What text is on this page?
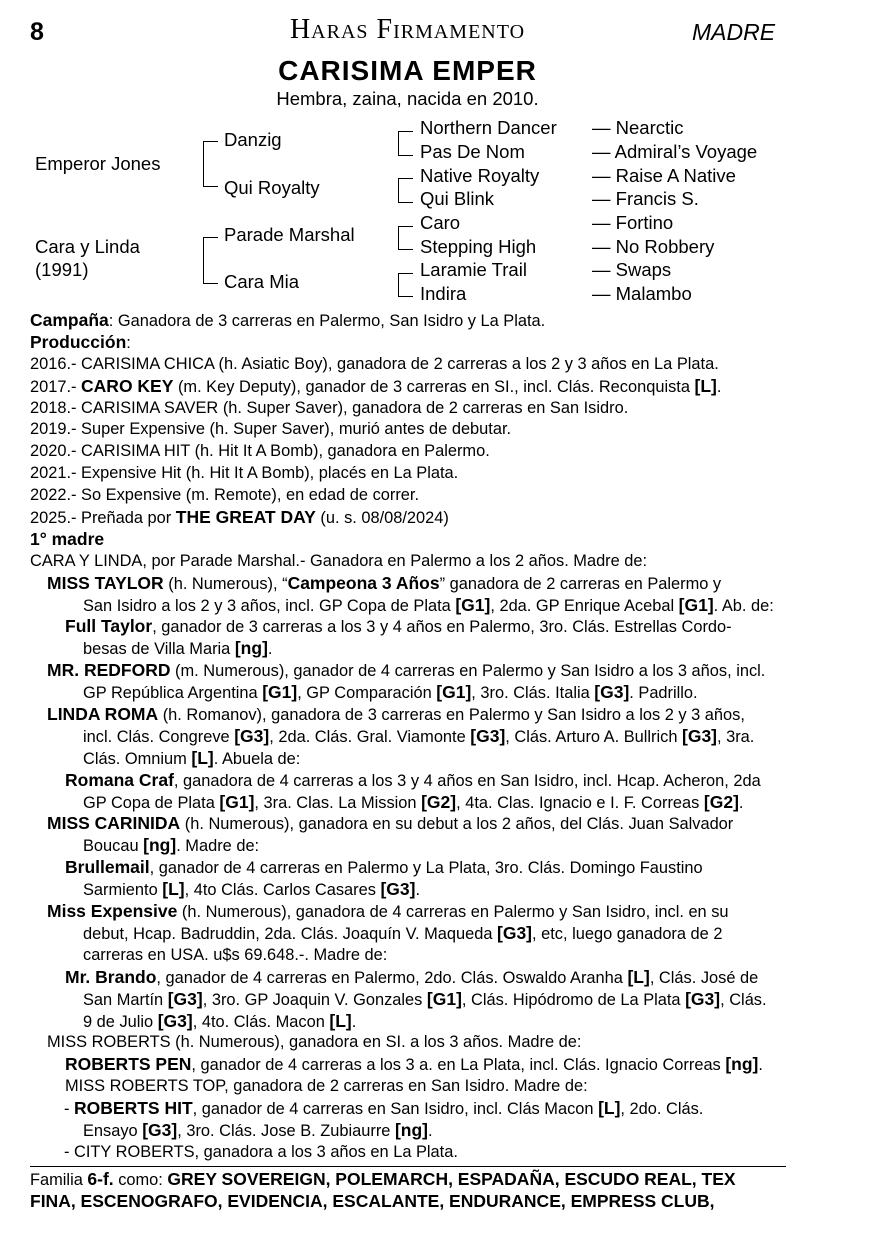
8	Haras Firmamento	MADRE
CARISIMA EMPER
Hembra, zaina, nacida en 2010.
Emperor Jones
Cara y Linda
(1991)
Danzig
Qui Royalty
Parade Marshal
Cara Mia
Northern Dancer
Pas De Nom
Native Royalty
Qui Blink
Caro
Stepping High
Laramie Trail
Indira
— Nearctic
— Admiral’s Voyage
— Raise A Native
— Francis S.
— Fortino
— No Robbery
— Swaps
— Malambo
Campaña: Ganadora de 3 carreras en Palermo, San Isidro y La Plata.
Producción:
2016.- CARISIMA CHICA (h. Asiatic Boy), ganadora de 2 carreras a los 2 y 3 años en La Plata.
2017.- CARO KEY (m. Key Deputy), ganador de 3 carreras en SI., incl. Clás. Reconquista [L].
2018.- CARISIMA SAVER (h. Super Saver), ganadora de 2 carreras en San Isidro.
2019.- Super Expensive (h. Super Saver), murió antes de debutar.
2020.- CARISIMA HIT (h. Hit It A Bomb), ganadora en Palermo.
2021.- Expensive Hit (h. Hit It A Bomb), placés en La Plata.
2022.- So Expensive (m. Remote), en edad de correr.
2025.- Preñada por THE GREAT DAY (u. s. 08/08/2024)
1° madre
CARA Y LINDA, por Parade Marshal.- Ganadora en Palermo a los 2 años. Madre de:
MISS TAYLOR (h. Numerous), “Campeona 3 Años” ganadora de 2 carreras en Palermo y
San Isidro a los 2 y 3 años, incl. GP Copa de Plata [G1], 2da. GP Enrique Acebal [G1]. Ab. de:
Full Taylor, ganador de 3 carreras a los 3 y 4 años en Palermo, 3ro. Clás. Estrellas Cordo-
besas de Villa Maria [ng].
MR. REDFORD (m. Numerous), ganador de 4 carreras en Palermo y San Isidro a los 3 años, incl.
GP República Argentina [G1], GP Comparación [G1], 3ro. Clás. Italia [G3]. Padrillo.
LINDA ROMA (h. Romanov), ganadora de 3 carreras en Palermo y San Isidro a los 2 y 3 años,
incl. Clás. Congreve [G3], 2da. Clás. Gral. Viamonte [G3], Clás. Arturo A. Bullrich [G3], 3ra.
Clás. Omnium [L]. Abuela de:
Romana Craf, ganadora de 4 carreras a los 3 y 4 años en San Isidro, incl. Hcap. Acheron, 2da
GP Copa de Plata [G1], 3ra. Clas. La Mission [G2], 4ta. Clas. Ignacio e I. F. Correas [G2].
MISS CARINIDA (h. Numerous), ganadora en su debut a los 2 años, del Clás. Juan Salvador
Boucau [ng]. Madre de:
Brullemail, ganador de 4 carreras en Palermo y La Plata, 3ro. Clás. Domingo Faustino
Sarmiento [L], 4to Clás. Carlos Casares [G3].
Miss Expensive (h. Numerous), ganadora de 4 carreras en Palermo y San Isidro, incl. en su
debut, Hcap. Badruddin, 2da. Clás. Joaquín V. Maqueda [G3], etc, luego ganadora de 2
carreras en USA. u$s 69.648.-. Madre de:
Mr. Brando, ganador de 4 carreras en Palermo, 2do. Clás. Oswaldo Aranha [L], Clás. José de
San Martín [G3], 3ro. GP Joaquin V. Gonzales [G1], Clás. Hipódromo de La Plata [G3], Clás.
9 de Julio [G3], 4to. Clás. Macon [L].
MISS ROBERTS (h. Numerous), ganadora en SI. a los 3 años. Madre de:
ROBERTS PEN, ganador de 4 carreras a los 3 a. en La Plata, incl. Clás. Ignacio Correas [ng].
MISS ROBERTS TOP, ganadora de 2 carreras en San Isidro. Madre de:
- ROBERTS HIT, ganador de 4 carreras en San Isidro, incl. Clás Macon [L], 2do. Clás.
Ensayo [G3], 3ro. Clás. Jose B. Zubiaurre [ng].
- CITY ROBERTS, ganadora a los 3 años en La Plata.
Familia 6-f. como: GREY SOVEREIGN, POLEMARCH, ESPADAÑA, ESCUDO REAL, TEX
FINA, ESCENOGRAFO, EVIDENCIA, ESCALANTE, ENDURANCE, EMPRESS CLUB,
